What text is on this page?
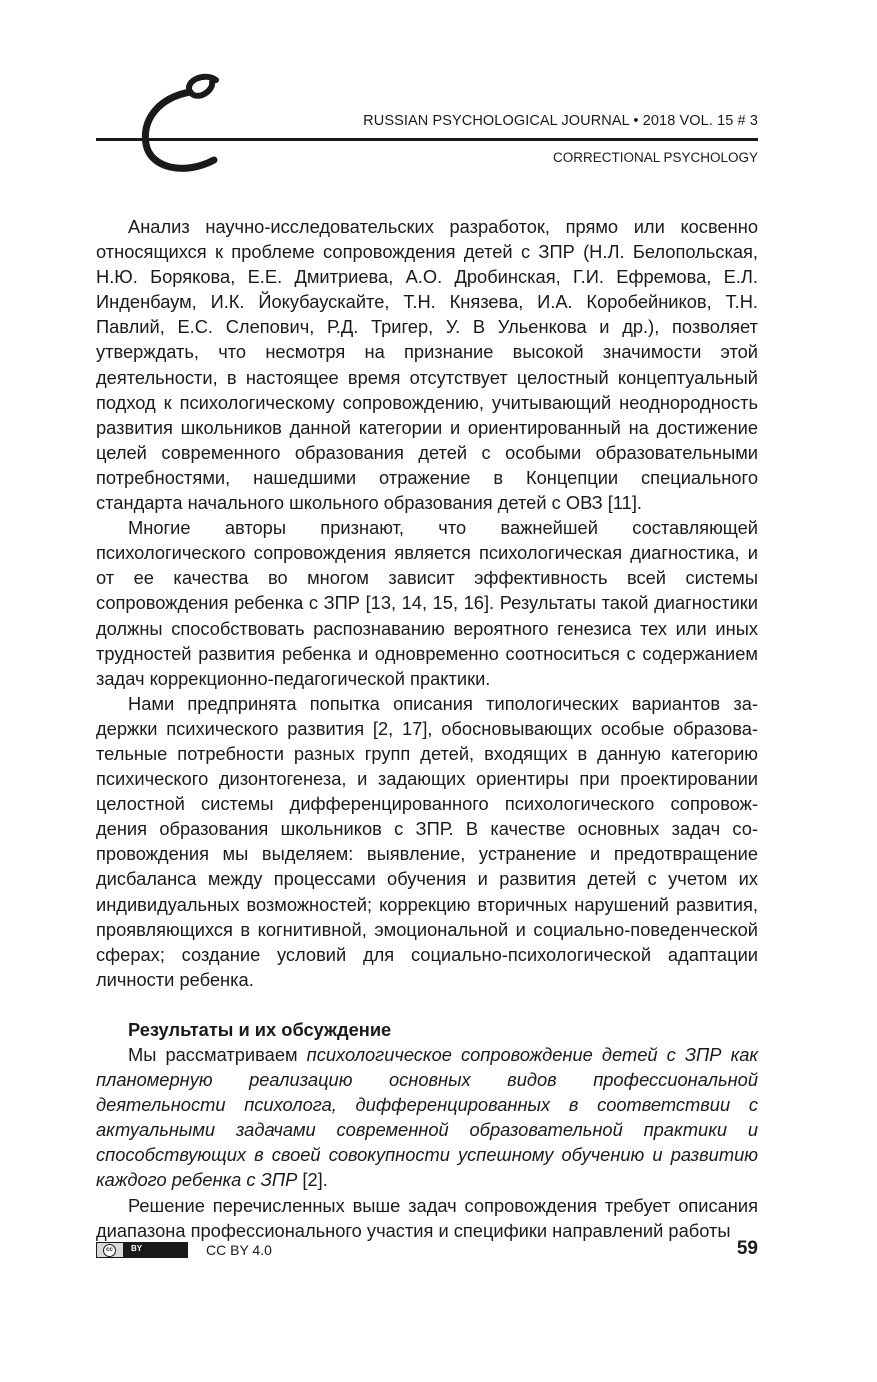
RUSSIAN PSYCHOLOGICAL JOURNAL • 2018 VOL. 15 # 3
CORRECTIONAL PSYCHOLOGY

Анализ научно-исследовательских разработок, прямо или косвенно относящихся к проблеме сопровождения детей с ЗПР (Н.Л. Белопольская, Н.Ю. Борякова, Е.Е. Дмитриева, А.О. Дробинская, Г.И. Ефремова, Е.Л. Инденбаум, И.К. Йокубаускайте, Т.Н. Князева, И.А. Коробейников, Т.Н. Павлий, Е.С. Слепович, Р.Д. Тригер, У. В Ульенкова и др.), позволяет утверждать, что несмотря на признание высокой значимости этой деятельности, в настоящее время отсутствует целостный концептуальный подход к психологическому сопровождению, учитывающий неоднородность развития школьников данной категории и ориентированный на достижение целей современного образования детей с особыми образовательными потребностями, нашедшими отражение в Концепции специального стандарта начального школьного образования детей с ОВЗ [11].

Многие авторы признают, что важнейшей составляющей психологического сопровождения является психологическая диагностика, и от ее качества во многом зависит эффективность всей системы сопровождения ребенка с ЗПР [13, 14, 15, 16]. Результаты такой диагностики должны способствовать распознаванию вероятного генезиса тех или иных трудностей развития ребенка и одновременно соотноситься с содержанием задач коррекционно-педагогической практики.

Нами предпринята попытка описания типологических вариантов задержки психического развития [2, 17], обосновывающих особые образовательные потребности разных групп детей, входящих в данную категорию психического дизонтогенеза, и задающих ориентиры при проектировании целостной системы дифференцированного психологического сопровождения образования школьников с ЗПР. В качестве основных задач сопровождения мы выделяем: выявление, устранение и предотвращение дисбаланса между процессами обучения и развития детей с учетом их индивидуальных возможностей; коррекцию вторичных нарушений развития, проявляющихся в когнитивной, эмоциональной и социально-поведенческой сферах; создание условий для социально-психологической адаптации личности ребенка.

Результаты и их обсуждение

Мы рассматриваем психологическое сопровождение детей с ЗПР как планомерную реализацию основных видов профессиональной деятельности психолога, дифференцированных в соответствии с актуальными задачами современной образовательной практики и способствующих в своей совокупности успешному обучению и развитию каждого ребенка с ЗПР [2].

Решение перечисленных выше задач сопровождения требует описания диапазона профессионального участия и специфики направлений работы

cc	BY	CC BY 4.0	59
